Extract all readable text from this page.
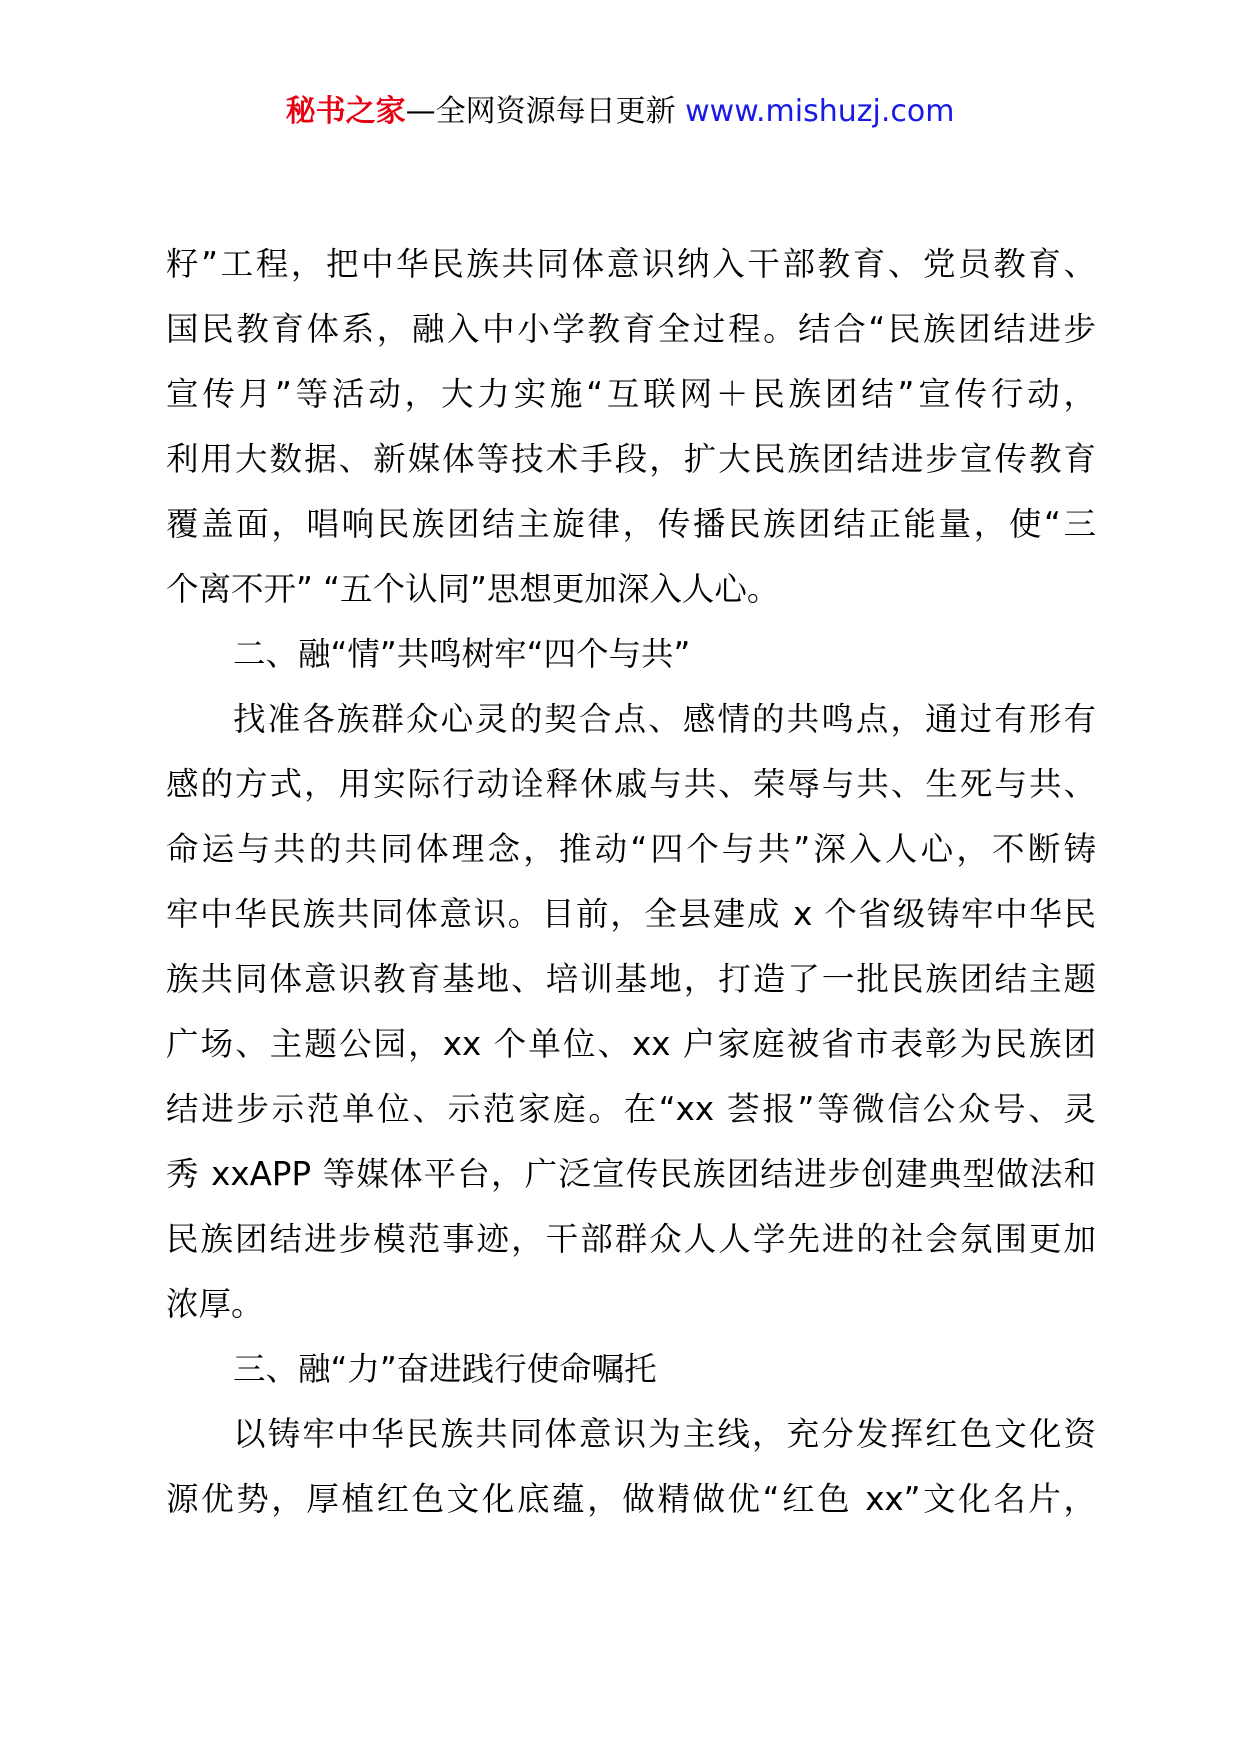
秘书之家—全网资源每日更新 www.mishuzj.com
籽”工程，把中华民族共同体意识纳入干部教育、党员教育、
国民教育体系，融入中小学教育全过程。结合“民族团结进步
宣传月”等活动，大力实施“互联网＋民族团结”宣传行动，
利用大数据、新媒体等技术手段，扩大民族团结进步宣传教育
覆盖面，唱响民族团结主旋律，传播民族团结正能量，使“三
个离不开” “五个认同”思想更加深入人心。
二、融“情”共鸣树牢“四个与共”
找准各族群众心灵的契合点、感情的共鸣点，通过有形有
感的方式，用实际行动诠释休戚与共、荣辱与共、生死与共、
命运与共的共同体理念，推动“四个与共”深入人心，不断铸
牢中华民族共同体意识。目前，全县建成 x 个省级铸牢中华民
族共同体意识教育基地、培训基地，打造了一批民族团结主题
广场、主题公园，xx 个单位、xx 户家庭被省市表彰为民族团
结进步示范单位、示范家庭。在“xx 荟报”等微信公众号、灵
秀 xxAPP 等媒体平台，广泛宣传民族团结进步创建典型做法和
民族团结进步模范事迹，干部群众人人学先进的社会氛围更加
浓厚。
三、融“力”奋进践行使命嘱托
以铸牢中华民族共同体意识为主线，充分发挥红色文化资
源优势，厚植红色文化底蕴，做精做优“红色 xx”文化名片，
